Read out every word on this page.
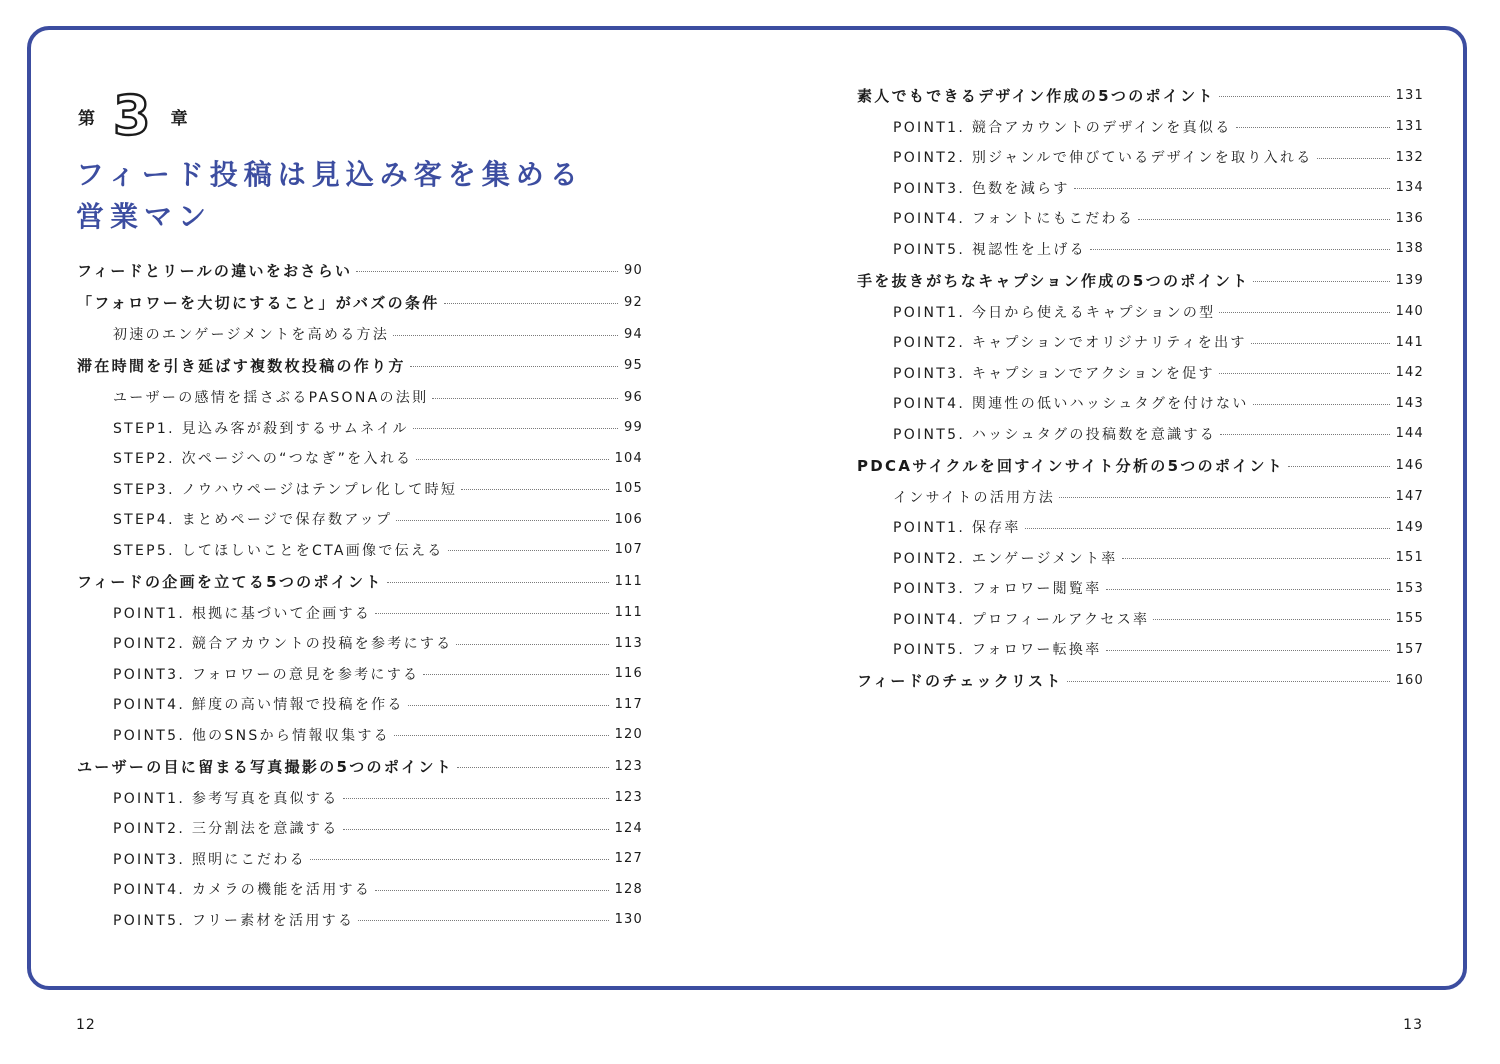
第 3 章
フィード投稿は見込み客を集める
営業マン
フィードとリールの違いをおさらい	90
「フォロワーを大切にすること」がバズの条件	92
初速のエンゲージメントを高める方法	94
滞在時間を引き延ばす複数枚投稿の作り方	95
ユーザーの感情を揺さぶるPASONAの法則	96
STEP1. 見込み客が殺到するサムネイル	99
STEP2. 次ページへの“つなぎ”を入れる	104
STEP3. ノウハウページはテンプレ化して時短	105
STEP4. まとめページで保存数アップ	106
STEP5. してほしいことをCTA画像で伝える	107
フィードの企画を立てる5つのポイント	111
POINT1. 根拠に基づいて企画する	111
POINT2. 競合アカウントの投稿を参考にする	113
POINT3. フォロワーの意見を参考にする	116
POINT4. 鮮度の高い情報で投稿を作る	117
POINT5. 他のSNSから情報収集する	120
ユーザーの目に留まる写真撮影の5つのポイント	123
POINT1. 参考写真を真似する	123
POINT2. 三分割法を意識する	124
POINT3. 照明にこだわる	127
POINT4. カメラの機能を活用する	128
POINT5. フリー素材を活用する	130
素人でもできるデザイン作成の5つのポイント	131
POINT1. 競合アカウントのデザインを真似る	131
POINT2. 別ジャンルで伸びているデザインを取り入れる	132
POINT3. 色数を減らす	134
POINT4. フォントにもこだわる	136
POINT5. 視認性を上げる	138
手を抜きがちなキャプション作成の5つのポイント	139
POINT1. 今日から使えるキャプションの型	140
POINT2. キャプションでオリジナリティを出す	141
POINT3. キャプションでアクションを促す	142
POINT4. 関連性の低いハッシュタグを付けない	143
POINT5. ハッシュタグの投稿数を意識する	144
PDCAサイクルを回すインサイト分析の5つのポイント	146
インサイトの活用方法	147
POINT1. 保存率	149
POINT2. エンゲージメント率	151
POINT3. フォロワー閲覧率	153
POINT4. プロフィールアクセス率	155
POINT5. フォロワー転換率	157
フィードのチェックリスト	160
12	13
